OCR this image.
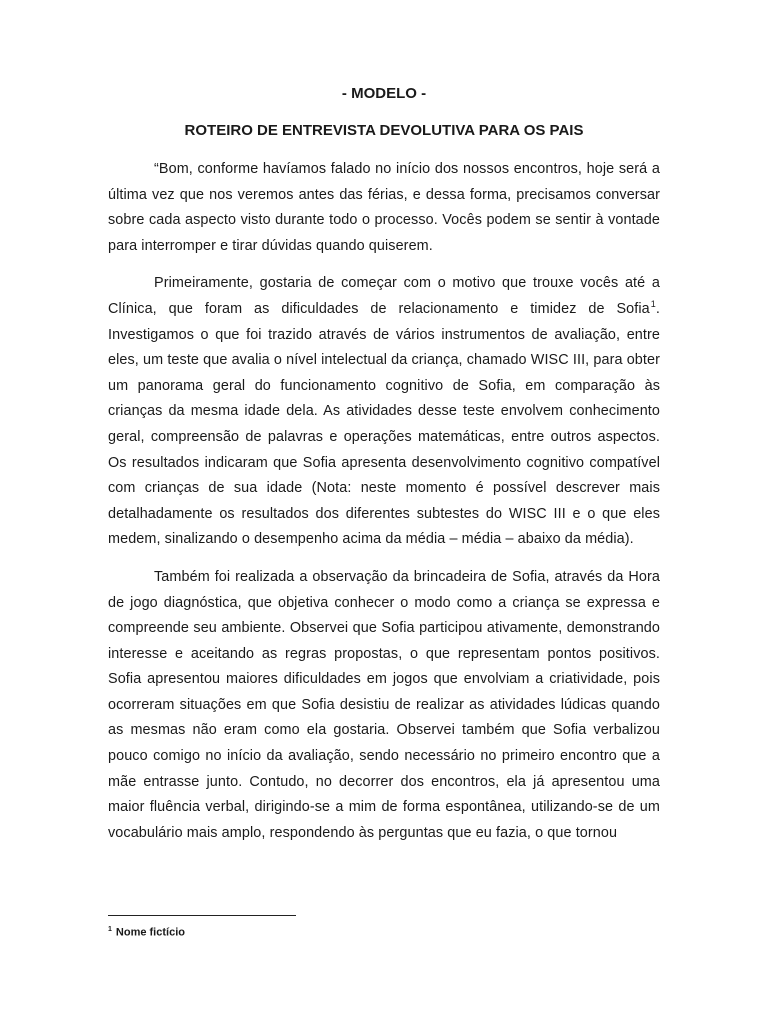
- MODELO -
ROTEIRO DE ENTREVISTA DEVOLUTIVA PARA OS PAIS

“Bom, conforme havíamos falado no início dos nossos encontros, hoje será a última vez que nos veremos antes das férias, e dessa forma, precisamos conversar sobre cada aspecto visto durante todo o processo. Vocês podem se sentir à vontade para interromper e tirar dúvidas quando quiserem.

Primeiramente, gostaria de começar com o motivo que trouxe vocês até a Clínica, que foram as dificuldades de relacionamento e timidez de Sofia$^1$. Investigamos o que foi trazido através de vários instrumentos de avaliação, entre eles, um teste que avalia o nível intelectual da criança, chamado WISC III, para obter um panorama geral do funcionamento cognitivo de Sofia, em comparação às crianças da mesma idade dela. As atividades desse teste envolvem conhecimento geral, compreensão de palavras e operações matemáticas, entre outros aspectos. Os resultados indicaram que Sofia apresenta desenvolvimento cognitivo compatível com crianças de sua idade (Nota: neste momento é possível descrever mais detalhadamente os resultados dos diferentes subtestes do WISC III e o que eles medem, sinalizando o desempenho acima da média – média – abaixo da média).

Também foi realizada a observação da brincadeira de Sofia, através da Hora de jogo diagnóstica, que objetiva conhecer o modo como a criança se expressa e compreende seu ambiente. Observei que Sofia participou ativamente, demonstrando interesse e aceitando as regras propostas, o que representam pontos positivos. Sofia apresentou maiores dificuldades em jogos que envolviam a criatividade, pois ocorreram situações em que Sofia desistiu de realizar as atividades lúdicas quando as mesmas não eram como ela gostaria. Observei também que Sofia verbalizou pouco comigo no início da avaliação, sendo necessário no primeiro encontro que a mãe entrasse junto. Contudo, no decorrer dos encontros, ela já apresentou uma maior fluência verbal, dirigindo-se a mim de forma espontânea, utilizando-se de um vocabulário mais amplo, respondendo às perguntas que eu fazia, o que tornou

$^1$ Nome fictício
